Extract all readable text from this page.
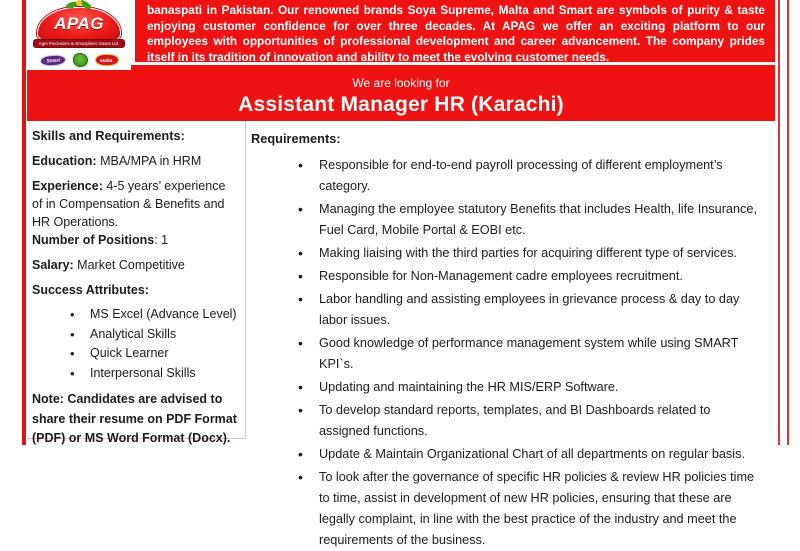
banaspati in Pakistan. Our renowned brands Soya Supreme, Malta and Smart are symbols of purity & taste enjoying customer confidence for over three decades. At APAG we offer an exciting platform to our employees with opportunities of professional development and career advancement. The company prides itself in its tradition of innovation and ability to meet the evolving customer needs.
APAG TM
Agro Processors & Atmospheric Gases Ltd.
Smart	Malta
We are looking for
Assistant Manager HR (Karachi)
Skills and Requirements:

Education: MBA/MPA in HRM

Experience: 4-5 years’ experience of in Compensation & Benefits and HR Operations.

Number of Positions: 1

Salary: Market Competitive

Success Attributes:

• MS Excel (Advance Level)
• Analytical Skills
• Quick Learner
• Interpersonal Skills

Note: Candidates are advised to share their resume on PDF Format (PDF) or MS Word Format (Docx).

Requirements:
• Responsible for end-to-end payroll processing of different employment’s category.
• Managing the employee statutory Benefits that includes Health, life Insurance, Fuel Card, Mobile Portal & EOBI etc.
• Making liaising with the third parties for acquiring different type of services.
• Responsible for Non-Management cadre employees recruitment.
• Labor handling and assisting employees in grievance process & day to day labor issues.
• Good knowledge of performance management system while using SMART KPI`s.
• Updating and maintaining the HR MIS/ERP Software.
• To develop standard reports, templates, and BI Dashboards related to assigned functions.
• Update & Maintain Organizational Chart of all departments on regular basis.
• To look after the governance of specific HR policies & review HR policies time to time, assist in development of new HR policies, ensuring that these are legally complaint, in line with the best practice of the industry and meet the requirements of the business.
